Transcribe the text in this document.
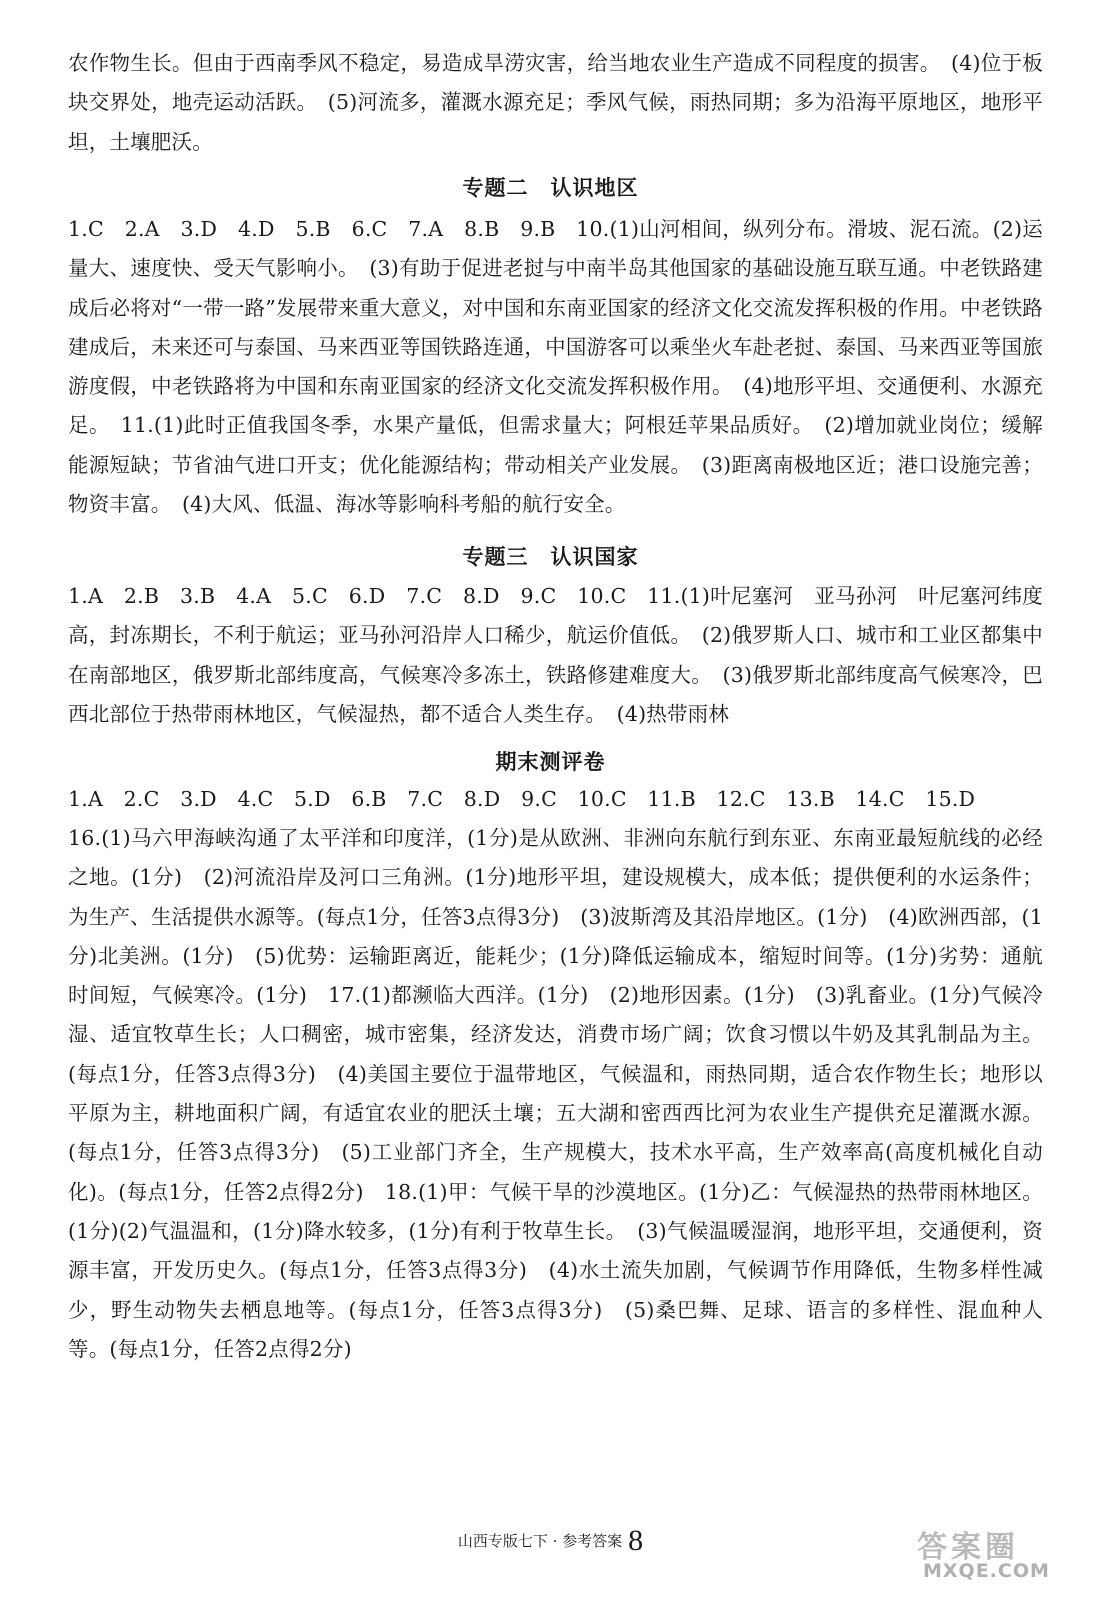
农作物生长。但由于西南季风不稳定，易造成旱涝灾害，给当地农业生产造成不同程度的损害。　(4)位于板块交界处，地壳运动活跃。　(5)河流多，灌溉水源充足；季风气候，雨热同期；多为沿海平原地区，地形平坦，土壤肥沃。
专题二　认识地区
1.C　2.A　3.D　4.D　5.B　6.C　7.A　8.B　9.B　10.(1)山河相间，纵列分布。滑坡、泥石流。(2)运量大、速度快、受天气影响小。　(3)有助于促进老挝与中南半岛其他国家的基础设施互联互通。中老铁路建成后必将对“一带一路”发展带来重大意义，对中国和东南亚国家的经济文化交流发挥积极的作用。中老铁路建成后，未来还可与泰国、马来西亚等国铁路连通，中国游客可以乘坐火车赴老挝、泰国、马来西亚等国旅游度假，中老铁路将为中国和东南亚国家的经济文化交流发挥积极作用。　(4)地形平坦、交通便利、水源充足。　11.(1)此时正值我国冬季，水果产量低，但需求量大；阿根廷苹果品质好。　(2)增加就业岗位；缓解能源短缺；节省油气进口开支；优化能源结构；带动相关产业发展。　(3)距离南极地区近；港口设施完善；物资丰富。　(4)大风、低温、海冰等影响科考船的航行安全。
专题三　认识国家
1.A　2.B　3.B　4.A　5.C　6.D　7.C　8.D　9.C　10.C　11.(1)叶尼塞河　亚马孙河　叶尼塞河纬度高，封冻期长，不利于航运；亚马孙河沿岸人口稀少，航运价值低。　(2)俄罗斯人口、城市和工业区都集中在南部地区，俄罗斯北部纬度高，气候寒冷多冻土，铁路修建难度大。　(3)俄罗斯北部纬度高气候寒冷，巴西北部位于热带雨林地区，气候湿热，都不适合人类生存。　(4)热带雨林
期末测评卷
1.A　2.C　3.D　4.C　5.D　6.B　7.C　8.D　9.C　10.C　11.B　12.C　13.B　14.C　15.D
16.(1)马六甲海峡沟通了太平洋和印度洋，(1分)是从欧洲、非洲向东航行到东亚、东南亚最短航线的必经之地。(1分)　(2)河流沿岸及河口三角洲。(1分)地形平坦，建设规模大，成本低；提供便利的水运条件；为生产、生活提供水源等。(每点1分，任答3点得3分)　(3)波斯湾及其沿岸地区。(1分)　(4)欧洲西部，(1分)北美洲。(1分)　(5)优势：运输距离近，能耗少；(1分)降低运输成本，缩短时间等。(1分)劣势：通航时间短，气候寒冷。(1分)　17.(1)都濒临大西洋。(1分)　(2)地形因素。(1分)　(3)乳畜业。(1分)气候冷湿、适宜牧草生长；人口稠密，城市密集，经济发达，消费市场广阔；饮食习惯以牛奶及其乳制品为主。(每点1分，任答3点得3分)　(4)美国主要位于温带地区，气候温和，雨热同期，适合农作物生长；地形以平原为主，耕地面积广阔，有适宜农业的肥沃土壤；五大湖和密西西比河为农业生产提供充足灌溉水源。(每点1分，任答3点得3分)　(5)工业部门齐全，生产规模大，技术水平高，生产效率高(高度机械化自动化)。(每点1分，任答2点得2分)　18.(1)甲：气候干旱的沙漠地区。(1分)乙：气候湿热的热带雨林地区。(1分)(2)气温温和，(1分)降水较多，(1分)有利于牧草生长。　(3)气候温暖湿润，地形平坦，交通便利，资源丰富，开发历史久。(每点1分，任答3点得3分)　(4)水土流失加剧，气候调节作用降低，生物多样性减少，野生动物失去栖息地等。(每点1分，任答3点得3分)　(5)桑巴舞、足球、语言的多样性、混血种人等。(每点1分，任答2点得2分)
山西专版七下 · 参考答案 8	答案圈
MXQE.COM
